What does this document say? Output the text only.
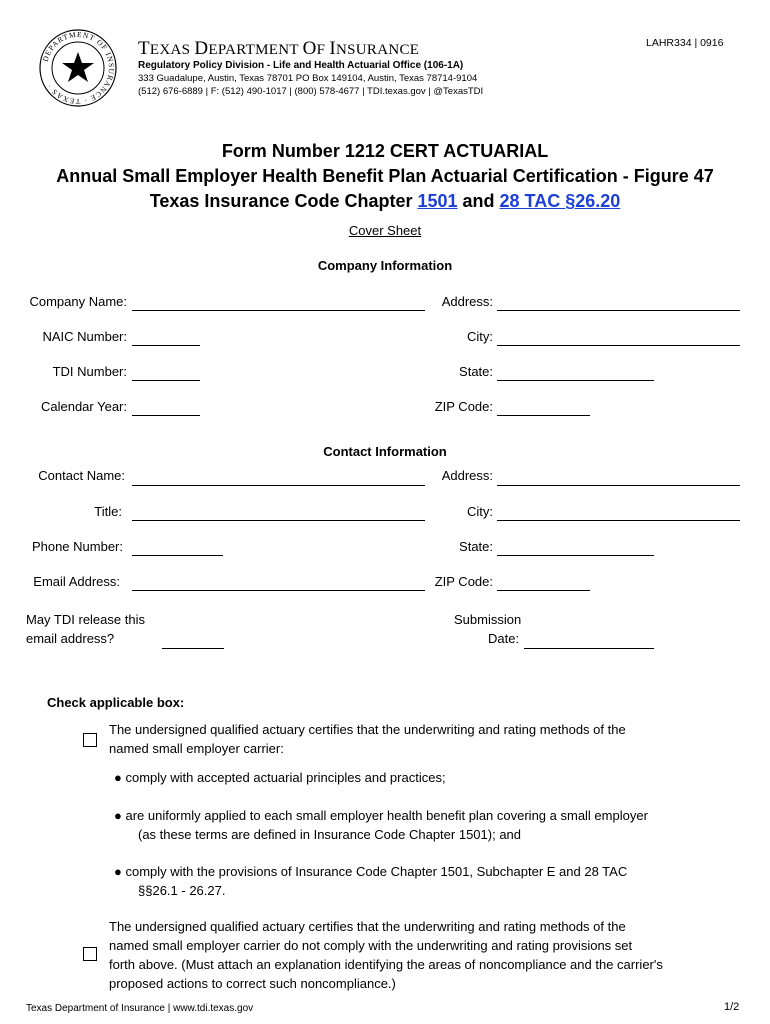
DEPARTMENT OF INSURANCE · TEXAS ·
TEXAS DEPARTMENT OF INSURANCE
Regulatory Policy Division - Life and Health Actuarial Office (106-1A)
333 Guadalupe, Austin, Texas 78701 PO Box 149104, Austin, Texas 78714-9104
(512) 676-6889 | F: (512) 490-1017 | (800) 578-4677 | TDI.texas.gov | @TexasTDI
LAHR334 | 0916
Form Number 1212 CERT ACTUARIAL
Annual Small Employer Health Benefit Plan Actuarial Certification - Figure 47
Texas Insurance Code Chapter 1501 and 28 TAC §26.20
Cover Sheet
Company Information
Company Name:
NAIC Number:
TDI Number:
Calendar Year:
Address:
City:
State:
ZIP Code:
Contact Information
Contact Name:
Title:
Phone Number:
Email Address:
Address:
City:
State:
ZIP Code:
May TDI release this
email address?
Submission
Date:
Check applicable box:
The undersigned qualified actuary certifies that the underwriting and rating methods of the
named small employer carrier:
● comply with accepted actuarial principles and practices;
● are uniformly applied to each small employer health benefit plan covering a small employer
(as these terms are defined in Insurance Code Chapter 1501); and
● comply with the provisions of Insurance Code Chapter 1501, Subchapter E and 28 TAC
§§26.1 - 26.27.
The undersigned qualified actuary certifies that the underwriting and rating methods of the
named small employer carrier do not comply with the underwriting and rating provisions set
forth above. (Must attach an explanation identifying the areas of noncompliance and the carrier's
proposed actions to correct such noncompliance.)
Texas Department of Insurance | www.tdi.texas.gov	1/2
